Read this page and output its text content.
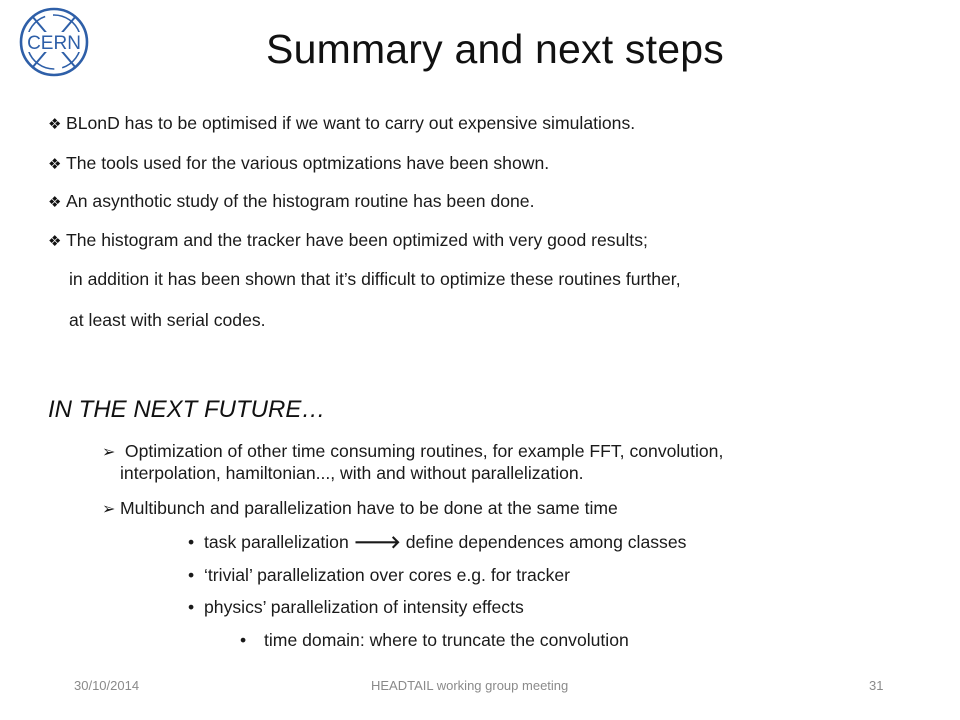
CERN	Summary and next steps
❖ BLonD has to be optimised if we want to carry out expensive simulations.
❖ The tools used for the various optmizations have been shown.
❖ An asynthotic study of the histogram routine has been done.
❖ The histogram and the tracker have been optimized with very good results;
in addition it has been shown that it’s difficult to optimize these routines further,
at least with serial codes.
IN THE NEXT FUTURE…
➢ Optimization of other time consuming routines, for example FFT, convolution,
interpolation, hamiltonian..., with and without parallelization.
➢ Multibunch and parallelization have to be done at the same time
• task parallelization 🡒 define dependences among classes
• ‘trivial’ parallelization over cores e.g. for tracker
• physics’ parallelization of intensity effects
• time domain: where to truncate the convolution
30/10/2014	HEADTAIL working group meeting	31
